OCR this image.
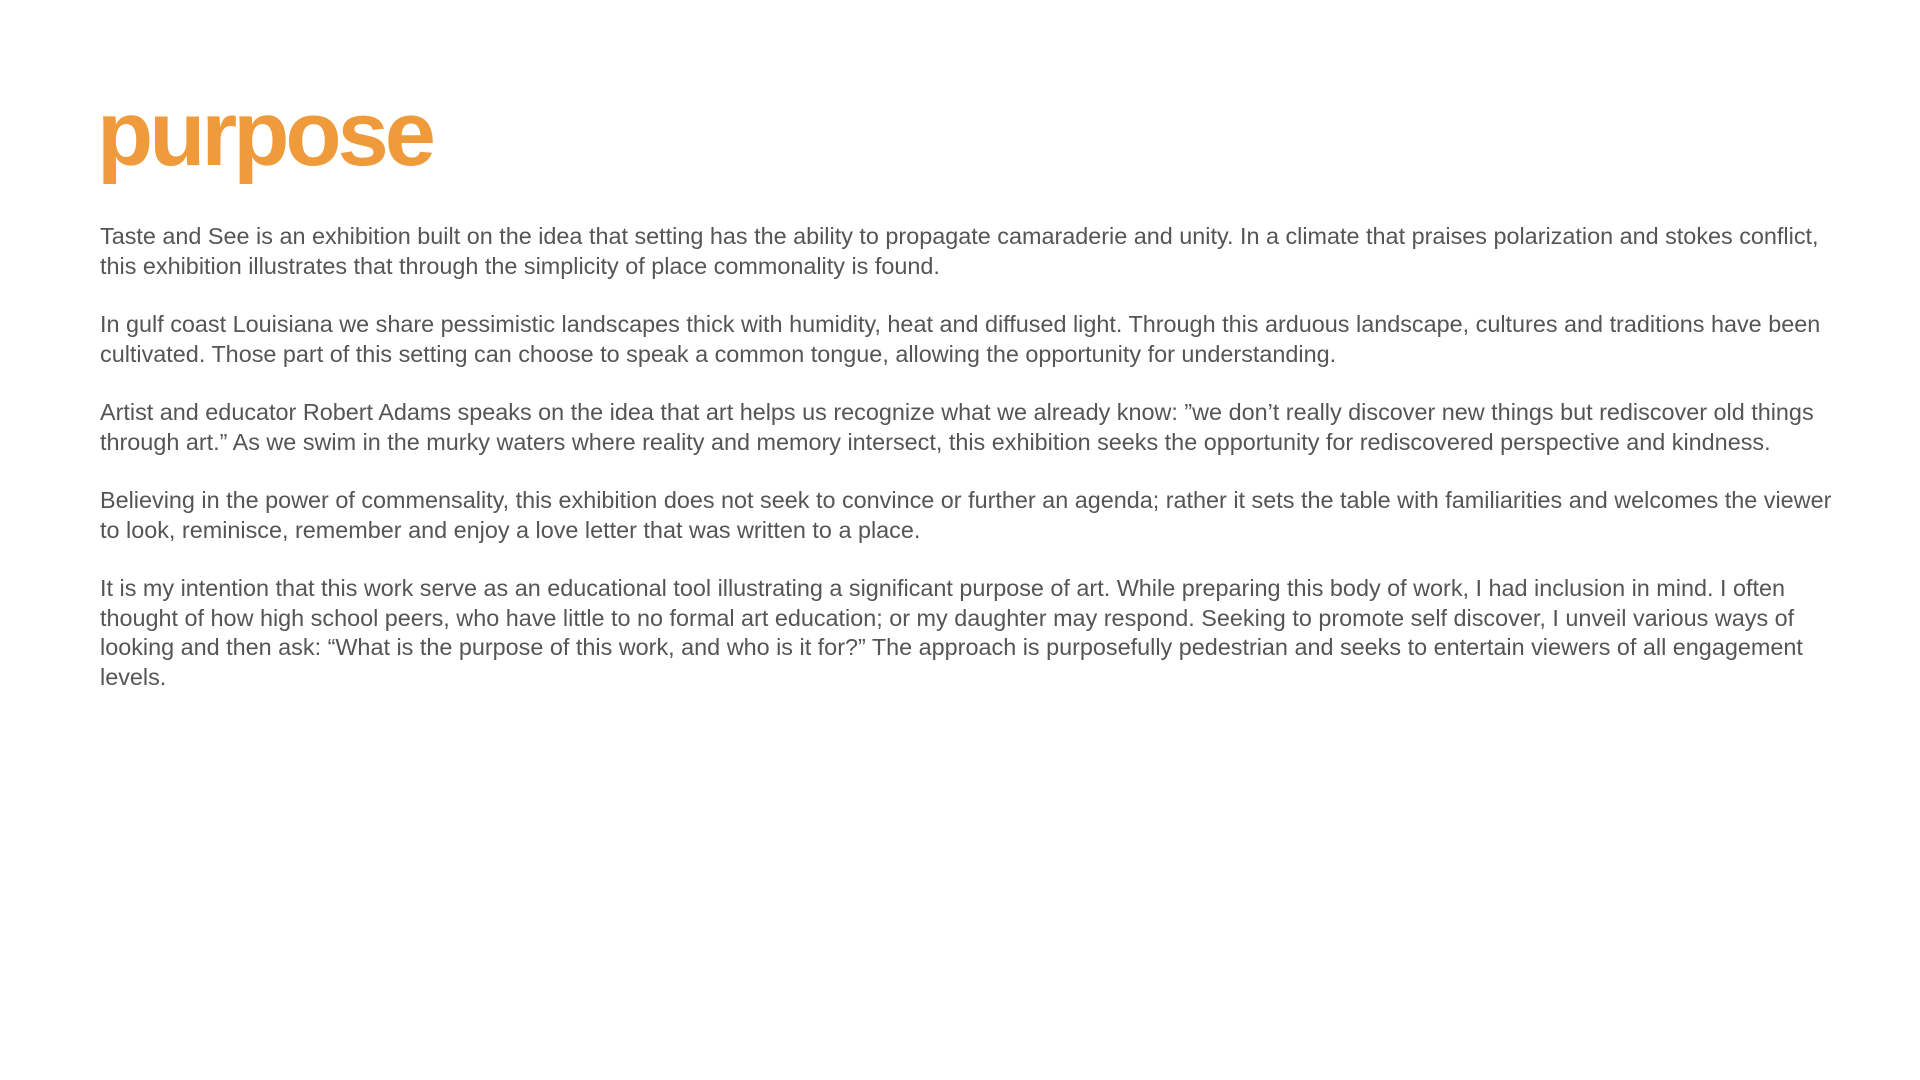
purpose

Taste and See is an exhibition built on the idea that setting has the ability to propagate camaraderie and unity. In a climate that praises polarization and stokes conflict, this exhibition illustrates that through the simplicity of place commonality is found.

In gulf coast Louisiana we share pessimistic landscapes thick with humidity, heat and diffused light. Through this arduous landscape, cultures and traditions have been cultivated. Those part of this setting can choose to speak a common tongue, allowing the opportunity for understanding.

Artist and educator Robert Adams speaks on the idea that art helps us recognize what we already know: ”we don’t really discover new things but rediscover old things through art.” As we swim in the murky waters where reality and memory intersect, this exhibition seeks the opportunity for rediscovered perspective and kindness.

Believing in the power of commensality, this exhibition does not seek to convince or further an agenda; rather it sets the table with familiarities and welcomes the viewer to look, reminisce, remember and enjoy a love letter that was written to a place.

It is my intention that this work serve as an educational tool illustrating a significant purpose of art. While preparing this body of work, I had inclusion in mind. I often thought of how high school peers, who have little to no formal art education; or my daughter may respond. Seeking to promote self discover, I unveil various ways of looking and then ask: “What is the purpose of this work, and who is it for?” The approach is purposefully pedestrian and seeks to entertain viewers of all engagement levels.
